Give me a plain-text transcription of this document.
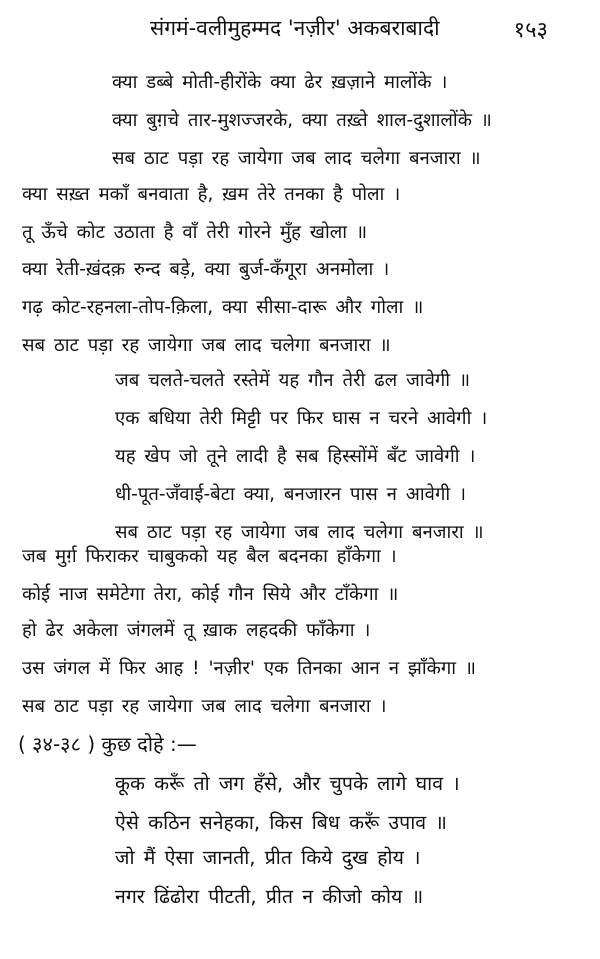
संगमं-वलीमुहम्मद 'नज़ीर' अकबराबादी	१५३
क्या डब्बे मोती-हीरोंके क्या ढेर ख़ज़ाने मालोंके ।
क्या बुग़चे तार-मुशज्जरके, क्या तख़्ते शाल-दुशालोंके ॥
सब ठाट पड़ा रह जायेगा जब लाद चलेगा बनजारा ॥
क्या सख़्त मकाँ बनवाता है, ख़म तेरे तनका है पोला ।
तू ऊँचे कोट उठाता है वाँ तेरी गोरने मुँह खोला ॥
क्या रेती-ख़ंदक़ रुन्द बड़े, क्या बुर्ज-कँगूरा अनमोला ।
गढ़ कोट-रहनला-तोप-क़िला, क्या सीसा-दारू और गोला ॥
सब ठाट पड़ा रह जायेगा जब लाद चलेगा बनजारा ॥
जब चलते-चलते रस्तेमें यह गौन तेरी ढल जावेगी ॥
एक बधिया तेरी मिट्टी पर फिर घास न चरने आवेगी ।
यह खेप जो तूने लादी है सब हिस्सोंमें बँट जावेगी ।
धी-पूत-जँवाई-बेटा क्या, बनजारन पास न आवेगी ।
सब ठाट पड़ा रह जायेगा जब लाद चलेगा बनजारा ॥
जब मुर्ग़ फिराकर चाबुकको यह बैल बदनका हाँकेगा ।
कोई नाज समेटेगा तेरा, कोई गौन सिये और टाँकेगा ॥
हो ढेर अकेला जंगलमें तू ख़ाक लहदकी फाँकेगा ।
उस जंगल में फिर आह ! 'नज़ीर' एक तिनका आन न झाँकेगा ॥
सब ठाट पड़ा रह जायेगा जब लाद चलेगा बनजारा ।
( ३४-३८ ) कुछ दोहे :—
कूक करूँ तो जग हँसे, और चुपके लागे घाव ।
ऐसे कठिन सनेहका, किस बिध करूँ उपाव ॥
जो मैं ऐसा जानती, प्रीत किये दुख होय ।
नगर ढिंढोरा पीटती, प्रीत न कीजो कोय ॥
